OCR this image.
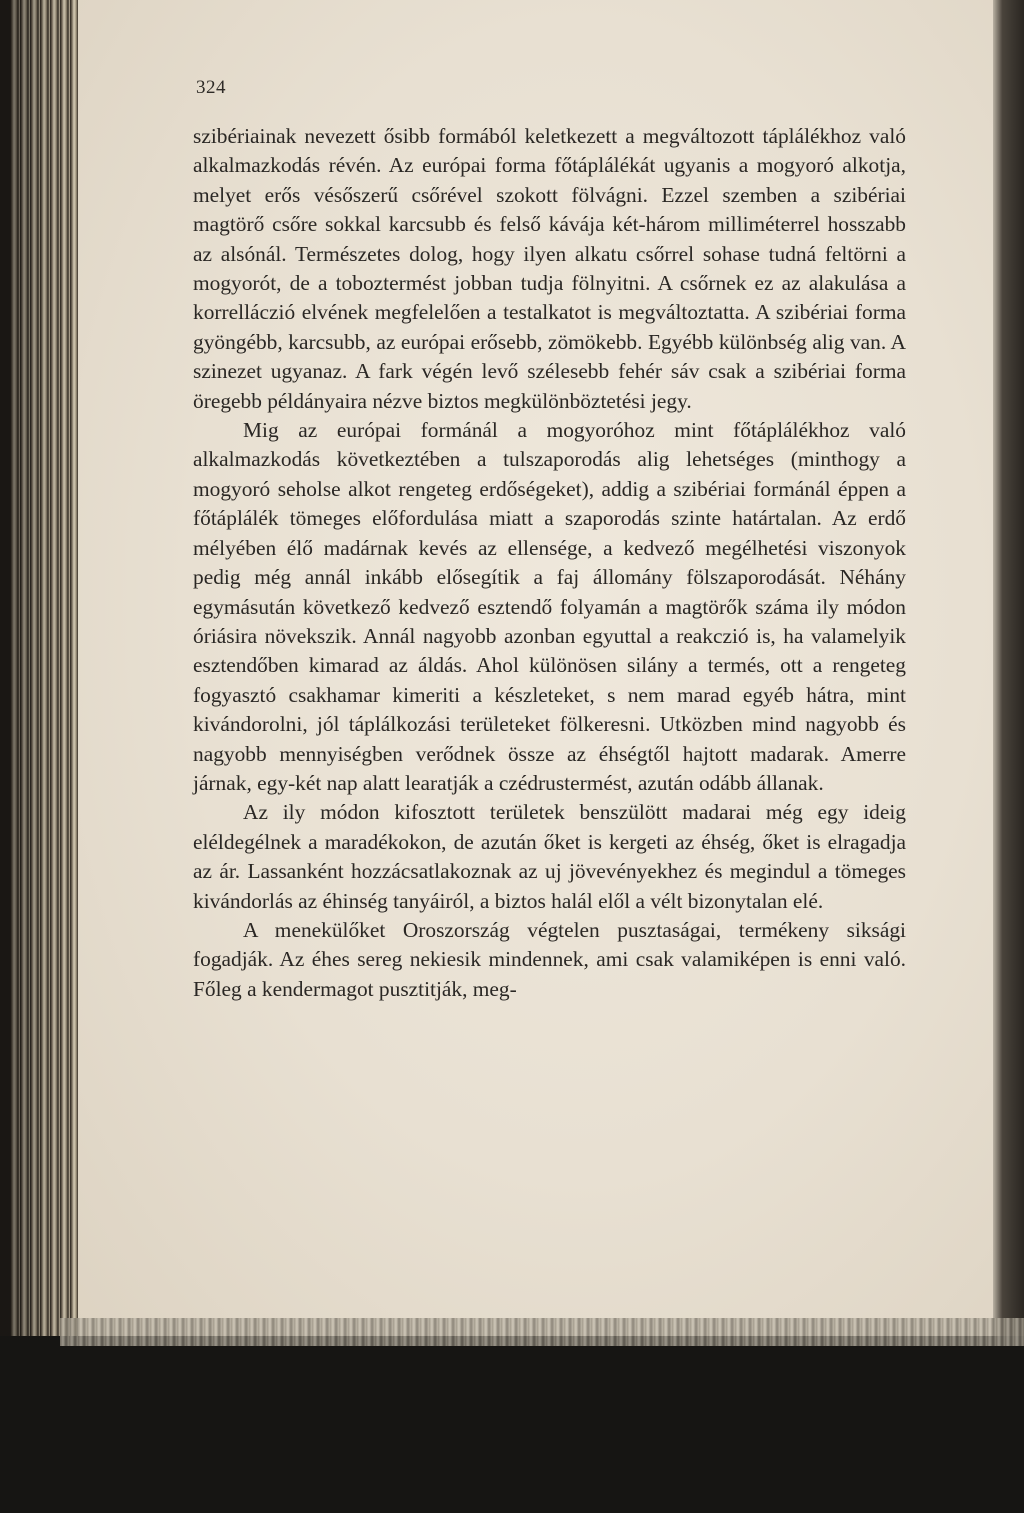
324

szibériainak nevezett ősibb formából keletkezett a megváltozott táplálékhoz való alkalmazkodás révén. Az európai forma főtáplálékát ugyanis a mogyoró alkotja, melyet erős vésőszerű csőrével szokott fölvágni. Ezzel szemben a szibériai magtörő csőre sokkal karcsubb és felső kávája két-három milliméterrel hosszabb az alsónál. Természetes dolog, hogy ilyen alkatu csőrrel sohase tudná feltörni a mogyorót, de a toboztermést jobban tudja fölnyitni. A csőrnek ez az alakulása a korrelláczió elvének megfelelően a testalkatot is megváltoztatta. A szibériai forma gyöngébb, karcsubb, az európai erősebb, zömökebb. Egyébb különbség alig van. A szinezet ugyanaz. A fark végén levő szélesebb fehér sáv csak a szibériai forma öregebb példányaira nézve biztos megkülönböztetési jegy.

Mig az európai formánál a mogyoróhoz mint főtáplálékhoz való alkalmazkodás következtében a tulszaporodás alig lehetséges (minthogy a mogyoró seholse alkot rengeteg erdőségeket), addig a szibériai formánál éppen a főtáplálék tömeges előfordulása miatt a szaporodás szinte határtalan. Az erdő mélyében élő madárnak kevés az ellensége, a kedvező megélhetési viszonyok pedig még annál inkább elősegítik a faj állomány fölszaporodását. Néhány egymásután következő kedvező esztendő folyamán a magtörők száma ily módon óriásira növekszik. Annál nagyobb azonban egyuttal a reakczió is, ha valamelyik esztendőben kimarad az áldás. Ahol különösen silány a termés, ott a rengeteg fogyasztó csakhamar kimeriti a készleteket, s nem marad egyéb hátra, mint kivándorolni, jól táplálkozási területeket fölkeresni. Utközben mind nagyobb és nagyobb mennyiségben verődnek össze az éhségtől hajtott madarak. Amerre járnak, egy-két nap alatt learatják a czédrustermést, azután odább állanak.

Az ily módon kifosztott területek benszülött madarai még egy ideig eléldegélnek a maradékokon, de azután őket is kergeti az éhség, őket is elragadja az ár. Lassanként hozzácsatlakoznak az uj jövevényekhez és megindul a tömeges kivándorlás az éhinség tanyáiról, a biztos halál elől a vélt bizonytalan elé.

A menekülőket Oroszország végtelen pusztaságai, termékeny siksági fogadják. Az éhes sereg nekiesik mindennek, ami csak valamiképen is enni való. Főleg a kendermagot pusztitják, meg-
